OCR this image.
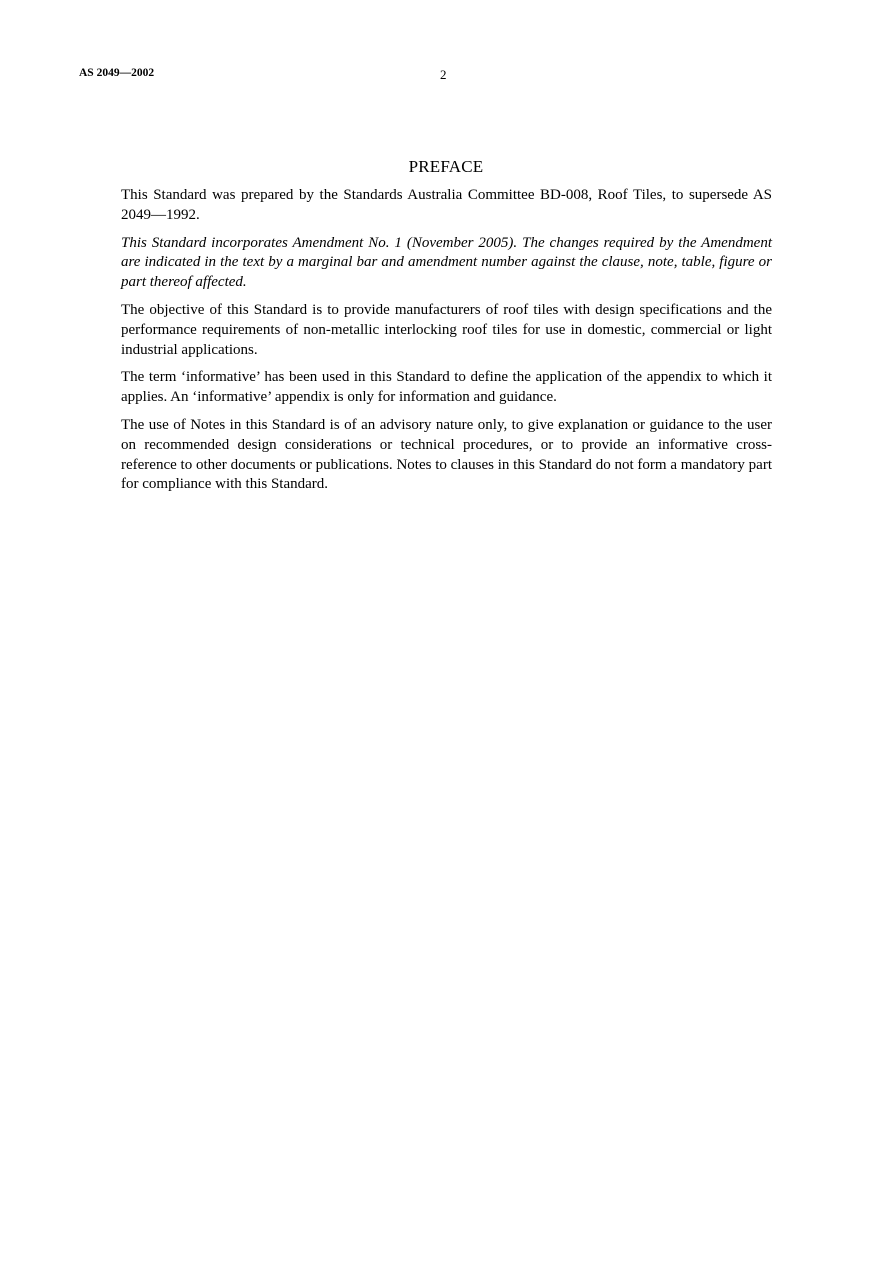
AS 2049—2002	2
PREFACE

This Standard was prepared by the Standards Australia Committee BD-008, Roof Tiles, to supersede AS 2049—1992.

This Standard incorporates Amendment No. 1 (November 2005). The changes required by the Amendment are indicated in the text by a marginal bar and amendment number against the clause, note, table, figure or part thereof affected.

The objective of this Standard is to provide manufacturers of roof tiles with design specifications and the performance requirements of non-metallic interlocking roof tiles for use in domestic, commercial or light industrial applications.

The term ‘informative’ has been used in this Standard to define the application of the appendix to which it applies. An ‘informative’ appendix is only for information and guidance.

The use of Notes in this Standard is of an advisory nature only, to give explanation or guidance to the user on recommended design considerations or technical procedures, or to provide an informative cross-reference to other documents or publications. Notes to clauses in this Standard do not form a mandatory part for compliance with this Standard.
